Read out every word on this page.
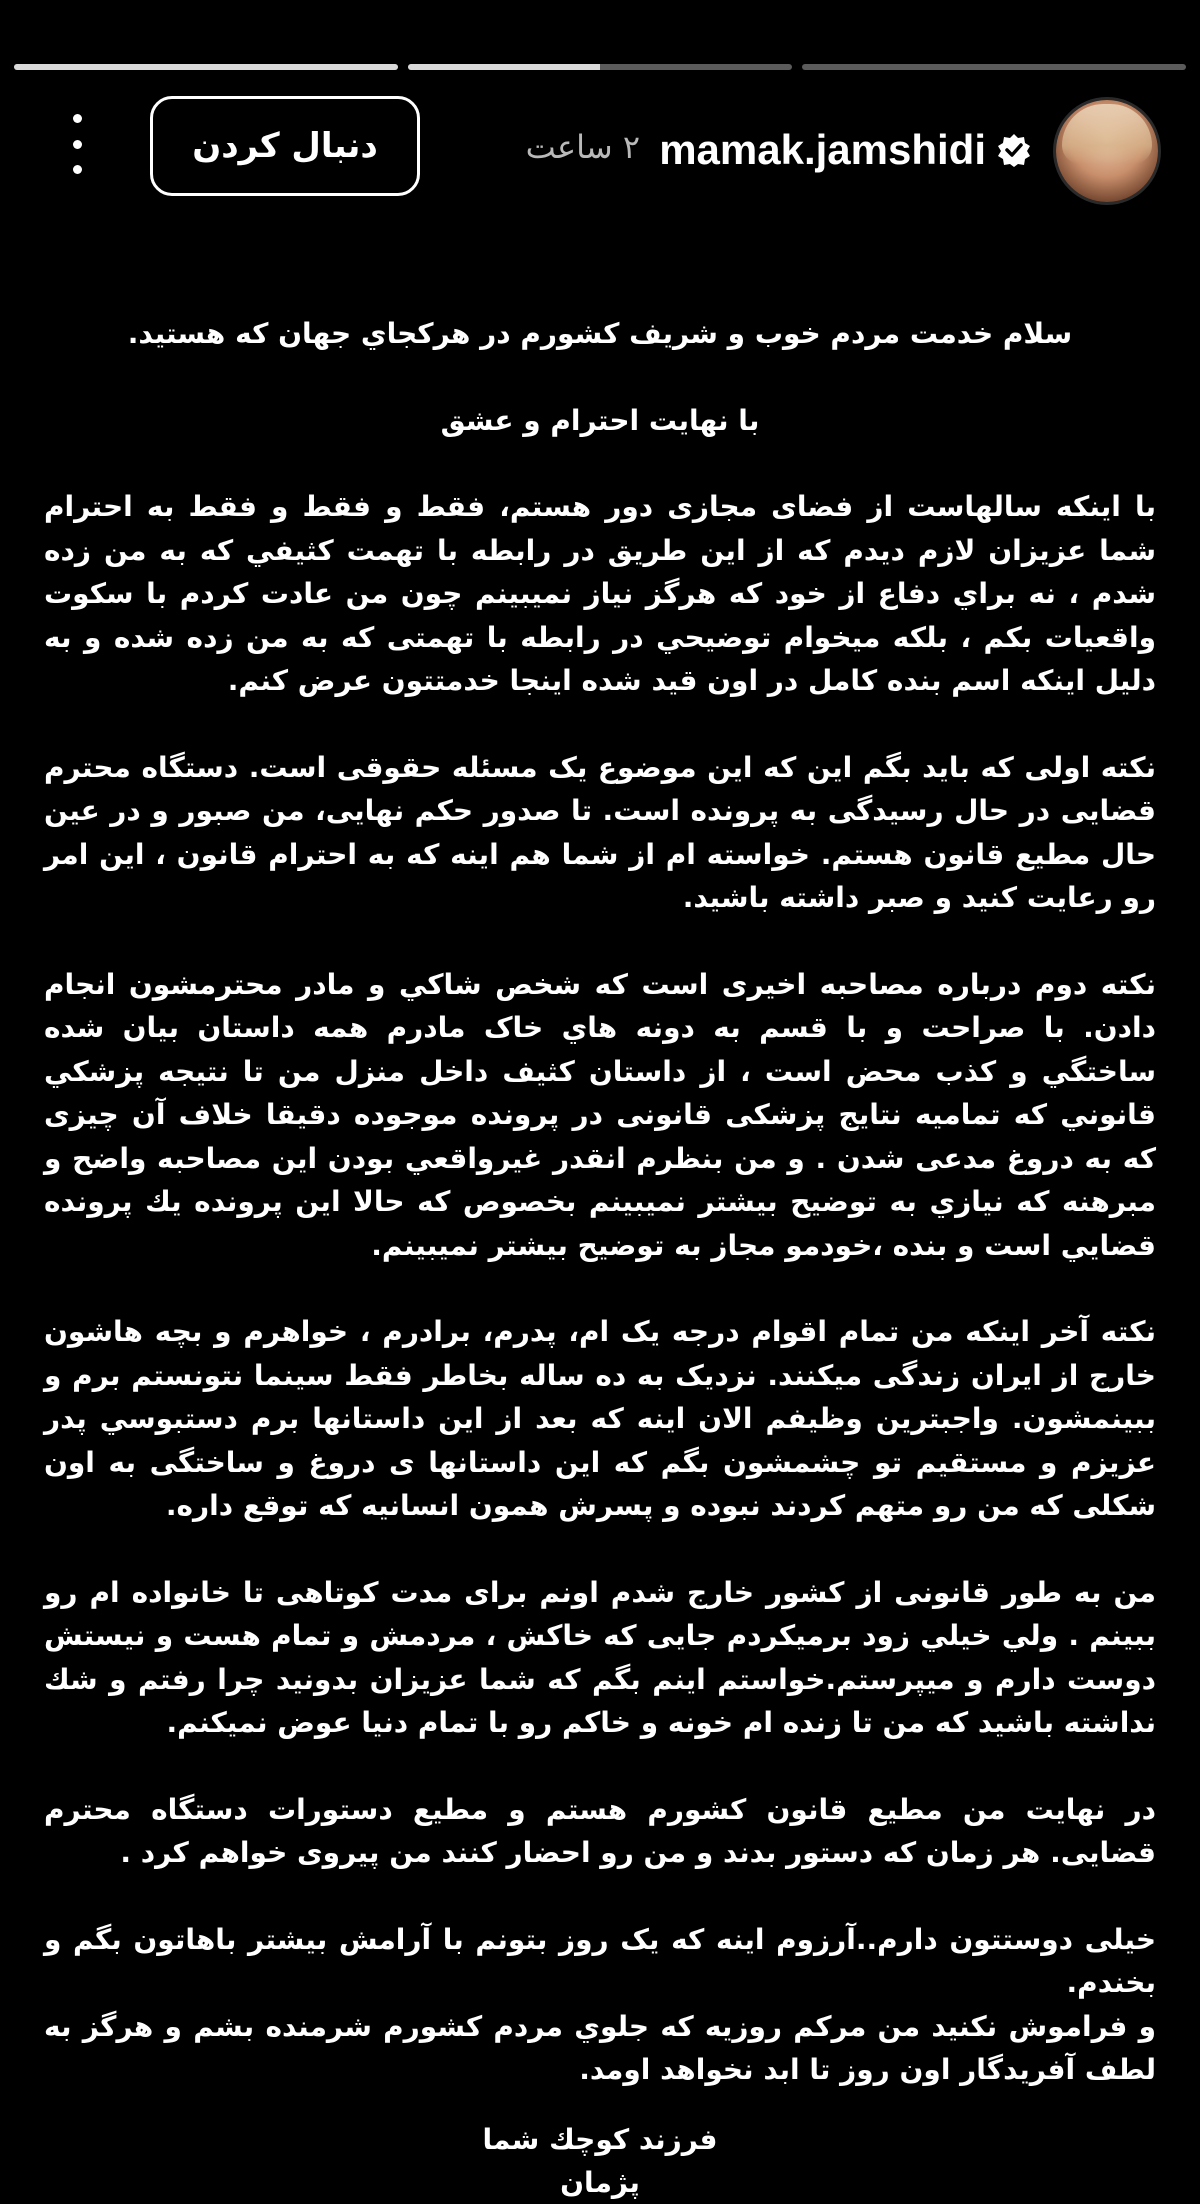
mamak.jamshidi
۲ ساعت
دنبال کردن

سلام خدمت مردم خوب و شریف کشورم در هرکجاي جهان که هستید.

با نهایت احترام و عشق

با اینکه سالهاست از فضای مجازی دور هستم، فقط و فقط و فقط به احترام شما عزیزان لازم دیدم که از این طریق در رابطه با تهمت کثیفي که به من زده شدم ، نه براي دفاع از خود که هرگز نیاز نمیبینم چون من عادت کردم با سکوت واقعیات بکم ، بلکه میخوام توضیحي در رابطه با تهمتی که به من زده شده و به دلیل اینکه اسم بنده کامل در اون قید شده اینجا خدمتتون عرض کنم.

نکته اولی که باید بگم این که این موضوع یک مسئله حقوقی است. دستگاه محترم قضایی در حال رسیدگی به پرونده است. تا صدور حکم نهایی، من صبور و در عین حال مطیع قانون هستم. خواسته ام از شما هم اینه که به احترام قانون ، این امر رو رعایت کنید و صبر داشته باشید.

نکته دوم درباره مصاحبه اخیری است که شخص شاکي و مادر محترمشون انجام دادن. با صراحت و با قسم به دونه هاي خاک مادرم همه داستان بیان شده ساختگي و کذب محض است ، از داستان کثیف داخل منزل من تا نتیجه پزشکي قانوني که تمامیه نتایج پزشکی قانونی در پرونده موجوده دقیقا خلاف آن چیزی که به دروغ مدعی شدن . و من بنظرم انقدر غیرواقعي بودن این مصاحبه واضح و مبرهنه که نیازي به توضیح بیشتر نمیبینم بخصوص که حالا این پرونده یك پرونده قضایي است و بنده ،خودمو مجاز به توضیح بیشتر نمیبینم.

نکته آخر اینکه من تمام اقوام درجه یک ام، پدرم، برادرم ، خواهرم و بچه هاشون خارج از ایران زندگی میکنند. نزدیک به ده ساله بخاطر فقط سینما نتونستم برم و ببینمشون. واجبترین وظیفم الان اینه که بعد از این داستانها برم دستبوسي پدر عزیزم و مستقیم تو چشمشون بگم که این داستانها ی دروغ و ساختگی به اون شکلی که من رو متهم کردند نبوده و پسرش همون انسانیه که توقع داره.

من به طور قانونی از کشور خارج شدم اونم برای مدت کوتاهی تا خانواده ام رو ببینم . ولي خیلي زود برمیکردم جایی که خاکش ، مردمش و تمام هست و نیستش دوست دارم و میپرستم.خواستم اینم بگم که شما عزیزان بدونید چرا رفتم و شك نداشته باشید که من تا زنده ام خونه و خاکم رو با تمام دنیا عوض نمیکنم.

در نهایت من مطیع قانون کشورم هستم و مطیع دستورات دستگاه محترم قضایی. هر زمان که دستور بدند و من رو احضار کنند من پیروی خواهم کرد .

خیلی دوستتون دارم..آرزوم اینه که یک روز بتونم با آرامش بیشتر باهاتون بگم و بخندم.

و فراموش نکنید من مرکم روزیه که جلوي مردم کشورم شرمنده بشم و هرگز به لطف آفریدگار اون روز تا ابد نخواهد اومد.

فرزند کوچك شما
پژمان
